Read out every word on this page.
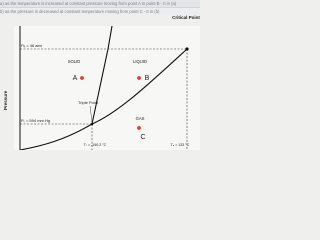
a) as the temperature is increased at constant pressure moving from point A to point B - II in (a)
b) as the pressure is decreased at constant temperature moving from point C - II in (b)
Pressure
Critical Point
Pₑ = 46 atm
Pₜ = 594 mm Hg
SOLID	LIQUID
GAS
Triple Point
A	B
C
Tₜ = -190.2 °C	Tₑ = 133 °C
